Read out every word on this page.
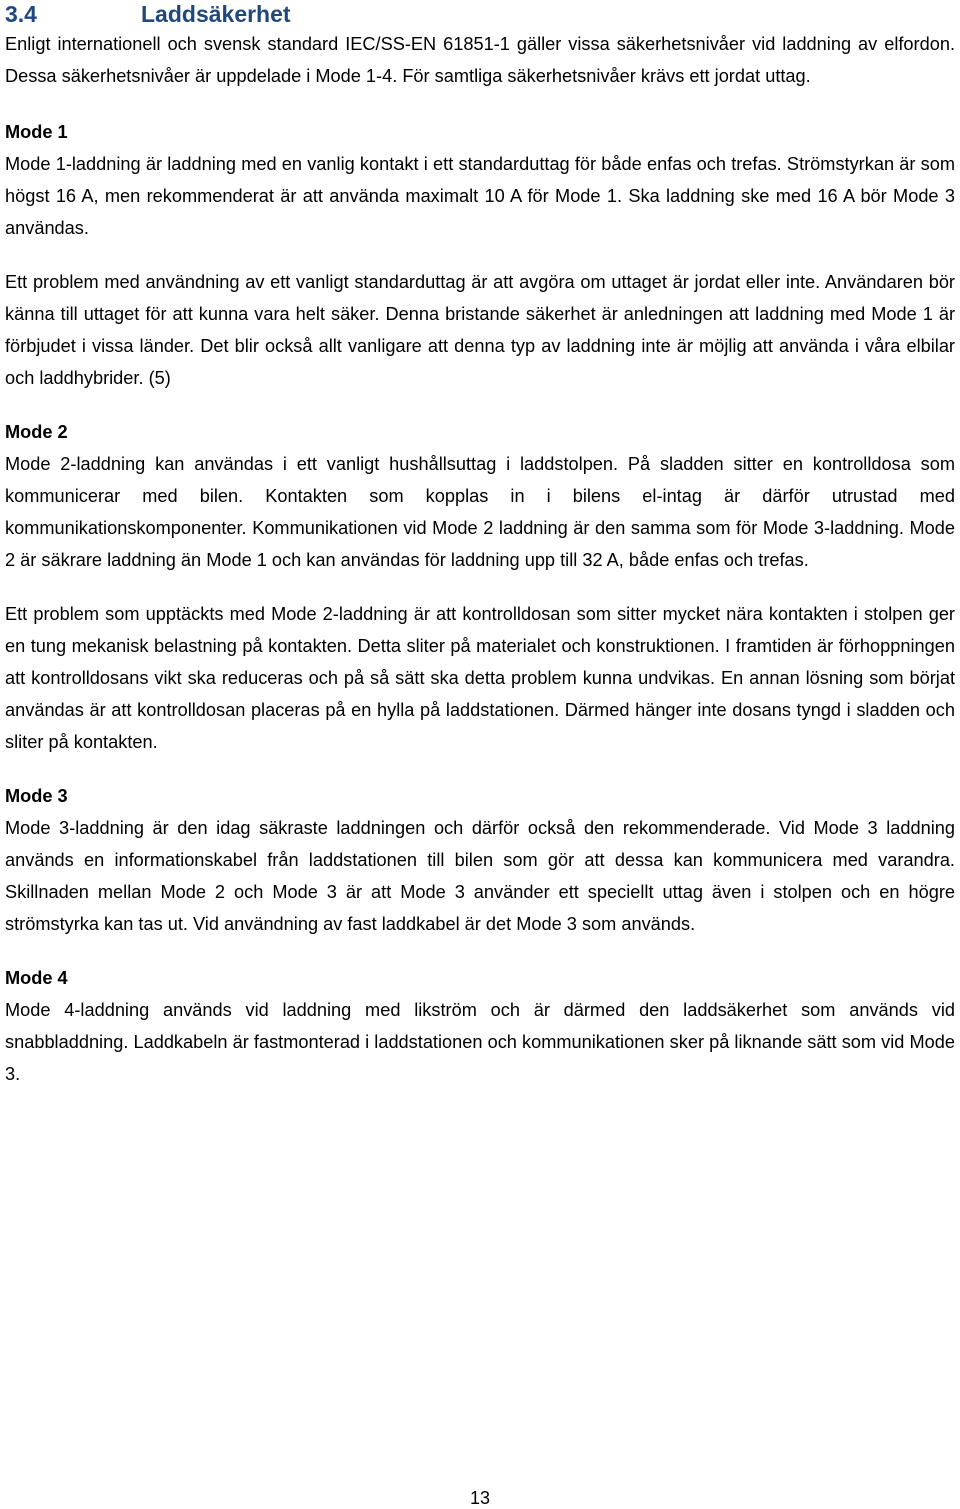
3.4	Laddsäkerhet

Enligt internationell och svensk standard IEC/SS-EN 61851-1 gäller vissa säkerhetsnivåer vid laddning av elfordon. Dessa säkerhetsnivåer är uppdelade i Mode 1-4. För samtliga säkerhetsnivåer krävs ett jordat uttag.

Mode 1

Mode 1-laddning är laddning med en vanlig kontakt i ett standarduttag för både enfas och trefas. Strömstyrkan är som högst 16 A, men rekommenderat är att använda maximalt 10 A för Mode 1. Ska laddning ske med 16 A bör Mode 3 användas.

Ett problem med användning av ett vanligt standarduttag är att avgöra om uttaget är jordat eller inte. Användaren bör känna till uttaget för att kunna vara helt säker. Denna bristande säkerhet är anledningen att laddning med Mode 1 är förbjudet i vissa länder. Det blir också allt vanligare att denna typ av laddning inte är möjlig att använda i våra elbilar och laddhybrider. (5)

Mode 2

Mode 2-laddning kan användas i ett vanligt hushållsuttag i laddstolpen. På sladden sitter en kontrolldosa som kommunicerar med bilen. Kontakten som kopplas in i bilens el-intag är därför utrustad med kommunikationskomponenter. Kommunikationen vid Mode 2 laddning är den samma som för Mode 3-laddning. Mode 2 är säkrare laddning än Mode 1 och kan användas för laddning upp till 32 A, både enfas och trefas.

Ett problem som upptäckts med Mode 2-laddning är att kontrolldosan som sitter mycket nära kontakten i stolpen ger en tung mekanisk belastning på kontakten. Detta sliter på materialet och konstruktionen. I framtiden är förhoppningen att kontrolldosans vikt ska reduceras och på så sätt ska detta problem kunna undvikas. En annan lösning som börjat användas är att kontrolldosan placeras på en hylla på laddstationen. Därmed hänger inte dosans tyngd i sladden och sliter på kontakten.

Mode 3

Mode 3-laddning är den idag säkraste laddningen och därför också den rekommenderade. Vid Mode 3 laddning används en informationskabel från laddstationen till bilen som gör att dessa kan kommunicera med varandra. Skillnaden mellan Mode 2 och Mode 3 är att Mode 3 använder ett speciellt uttag även i stolpen och en högre strömstyrka kan tas ut. Vid användning av fast laddkabel är det Mode 3 som används.

Mode 4

Mode 4-laddning används vid laddning med likström och är därmed den laddsäkerhet som används vid snabbladdning. Laddkabeln är fastmonterad i laddstationen och kommunikationen sker på liknande sätt som vid Mode 3.

13
